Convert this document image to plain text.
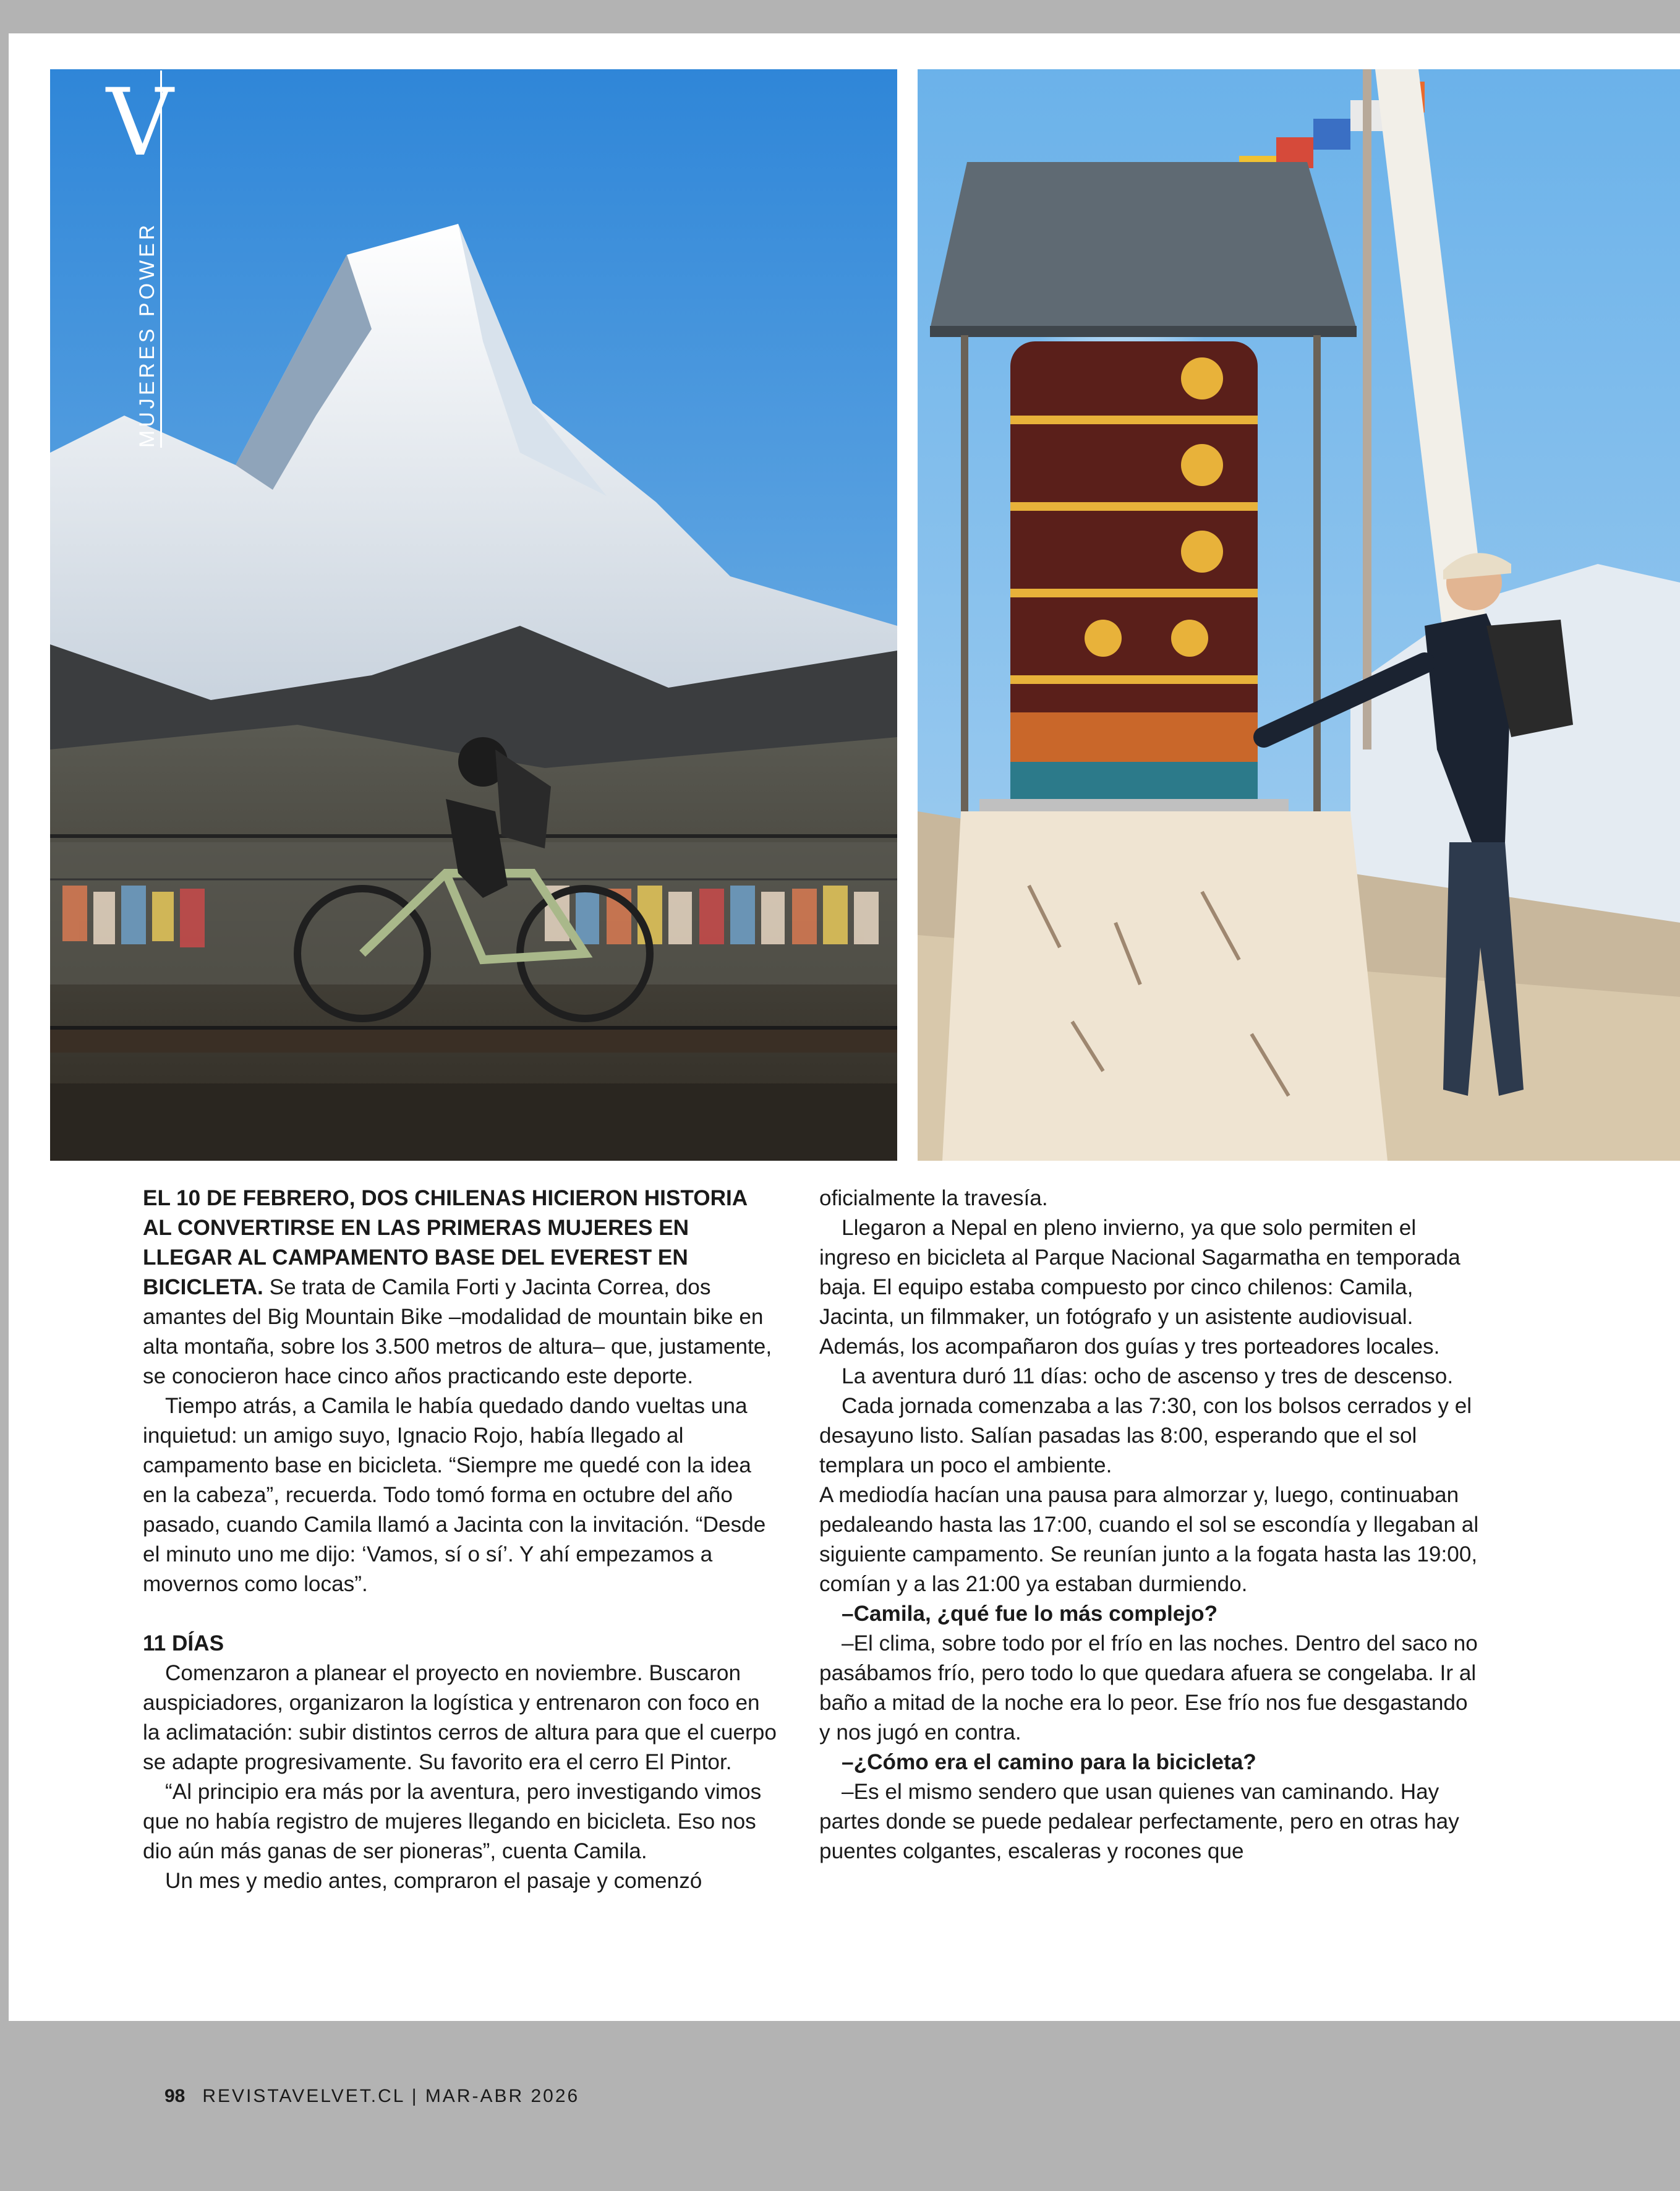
V
MUJERES POWER

EL 10 DE FEBRERO, DOS CHILENAS HICIERON HISTORIA AL CONVERTIRSE EN LAS PRIMERAS MUJERES EN LLEGAR AL CAMPAMENTO BASE DEL EVEREST EN BICICLETA. Se trata de Camila Forti y Jacinta Correa, dos amantes del Big Mountain Bike –modalidad de mountain bike en alta montaña, sobre los 3.500 metros de altura– que, justamente, se conocieron hace cinco años practicando este deporte.

Tiempo atrás, a Camila le había quedado dando vueltas una inquietud: un amigo suyo, Ignacio Rojo, había llegado al campamento base en bicicleta. “Siempre me quedé con la idea en la cabeza”, recuerda. Todo tomó forma en octubre del año pasado, cuando Camila llamó a Jacinta con la invitación. “Desde el minuto uno me dijo: ‘Vamos, sí o sí’. Y ahí empezamos a movernos como locas”.

11 DÍAS

Comenzaron a planear el proyecto en noviembre. Buscaron auspiciadores, organizaron la logística y entrenaron con foco en la aclimatación: subir distintos cerros de altura para que el cuerpo se adapte progresivamente. Su favorito era el cerro El Pintor.

“Al principio era más por la aventura, pero investigando vimos que no había registro de mujeres llegando en bicicleta. Eso nos dio aún más ganas de ser pioneras”, cuenta Camila.

Un mes y medio antes, compraron el pasaje y comenzó

oficialmente la travesía.

Llegaron a Nepal en pleno invierno, ya que solo permiten el ingreso en bicicleta al Parque Nacional Sagarmatha en temporada baja. El equipo estaba compuesto por cinco chilenos: Camila, Jacinta, un filmmaker, un fotógrafo y un asistente audiovisual. Además, los acompañaron dos guías y tres porteadores locales.

La aventura duró 11 días: ocho de ascenso y tres de descenso.

Cada jornada comenzaba a las 7:30, con los bolsos cerrados y el desayuno listo. Salían pasadas las 8:00, esperando que el sol templara un poco el ambiente.

A mediodía hacían una pausa para almorzar y, luego, continuaban pedaleando hasta las 17:00, cuando el sol se escondía y llegaban al siguiente campamento. Se reunían junto a la fogata hasta las 19:00, comían y a las 21:00 ya estaban durmiendo.

–Camila, ¿qué fue lo más complejo?

–El clima, sobre todo por el frío en las noches. Dentro del saco no pasábamos frío, pero todo lo que quedara afuera se congelaba. Ir al baño a mitad de la noche era lo peor. Ese frío nos fue desgastando y nos jugó en contra.

–¿Cómo era el camino para la bicicleta?

–Es el mismo sendero que usan quienes van caminando. Hay partes donde se puede pedalear perfectamente, pero en otras hay puentes colgantes, escaleras y rocones que

98 REVISTAVELVET.CL | MAR-ABR 2026
